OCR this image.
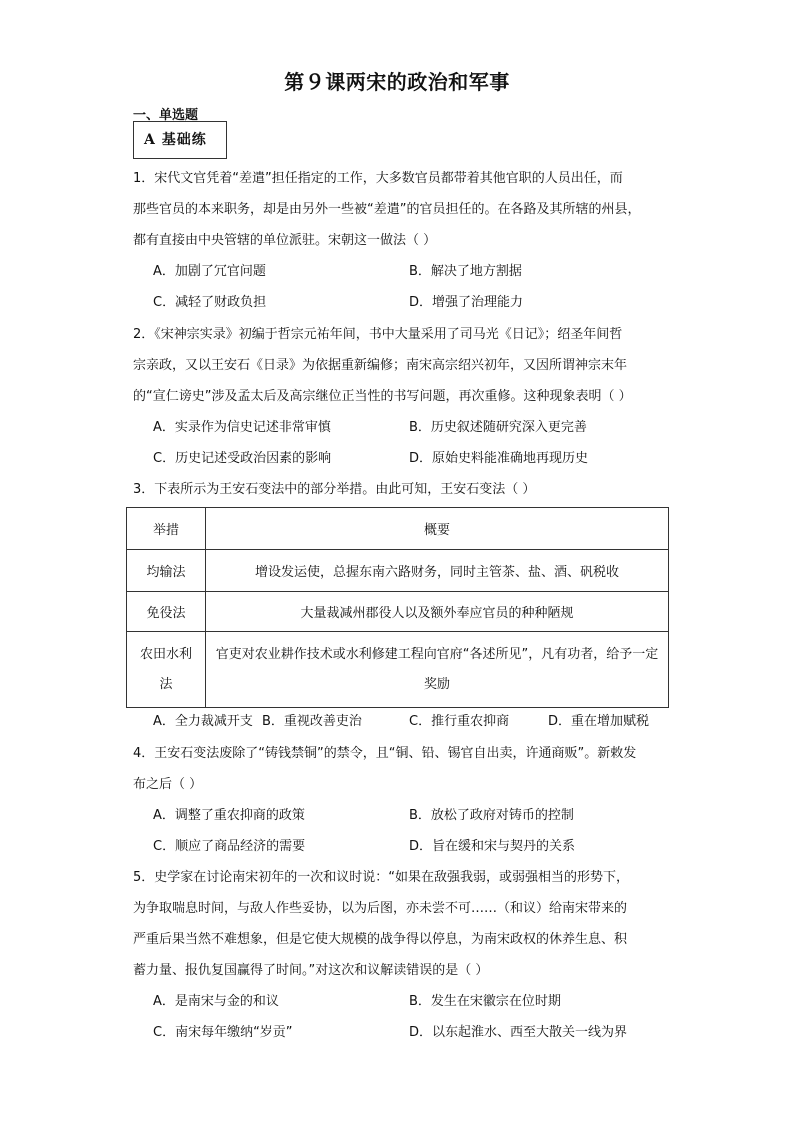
第９课两宋的政治和军事
一、单选题
A 基础练
1．宋代文官凭着“差遣”担任指定的工作，大多数官员都带着其他官职的人员出任，而
那些官员的本来职务，却是由另外一些被“差遣”的官员担任的。在各路及其所辖的州县，
都有直接由中央管辖的单位派驻。宋朝这一做法（ ）
A．加剧了冗官问题	B．解决了地方割据
C．减轻了财政负担	D．增强了治理能力
2．《宋神宗实录》初编于哲宗元祐年间，书中大量采用了司马光《日记》；绍圣年间哲
宗亲政，又以王安石《日录》为依据重新编修；南宋高宗绍兴初年，又因所谓神宗末年
的“宣仁谤史”涉及孟太后及高宗继位正当性的书写问题，再次重修。这种现象表明（ ）
A．实录作为信史记述非常审慎	B．历史叙述随研究深入更完善
C．历史记述受政治因素的影响	D．原始史料能准确地再现历史
3．下表所示为王安石变法中的部分举措。由此可知，王安石变法（ ）
举措	概要
均输法	增设发运使，总握东南六路财务，同时主管茶、盐、酒、矾税收
免役法	大量裁减州郡役人以及额外奉应官员的种种陋规
农田水利法	官吏对农业耕作技术或水利修建工程向官府“各述所见”，凡有功者，给予一定奖励
A．全力裁减开支 B．重视改善吏治	C．推行重农抑商	D．重在增加赋税
4．王安石变法废除了“铸钱禁铜”的禁令，且“铜、铅、锡官自出卖，许通商贩”。新敕发
布之后（ ）
A．调整了重农抑商的政策	B．放松了政府对铸币的控制
C．顺应了商品经济的需要	D．旨在缓和宋与契丹的关系
5．史学家在讨论南宋初年的一次和议时说：“如果在敌强我弱，或弱强相当的形势下，
为争取喘息时间，与敌人作些妥协，以为后图，亦未尝不可……（和议）给南宋带来的
严重后果当然不难想象，但是它使大规模的战争得以停息，为南宋政权的休养生息、积
蓄力量、报仇复国赢得了时间。”对这次和议解读错误的是（ ）
A．是南宋与金的和议	B．发生在宋徽宗在位时期
C．南宋每年缴纳“岁贡”	D．以东起淮水、西至大散关一线为界
